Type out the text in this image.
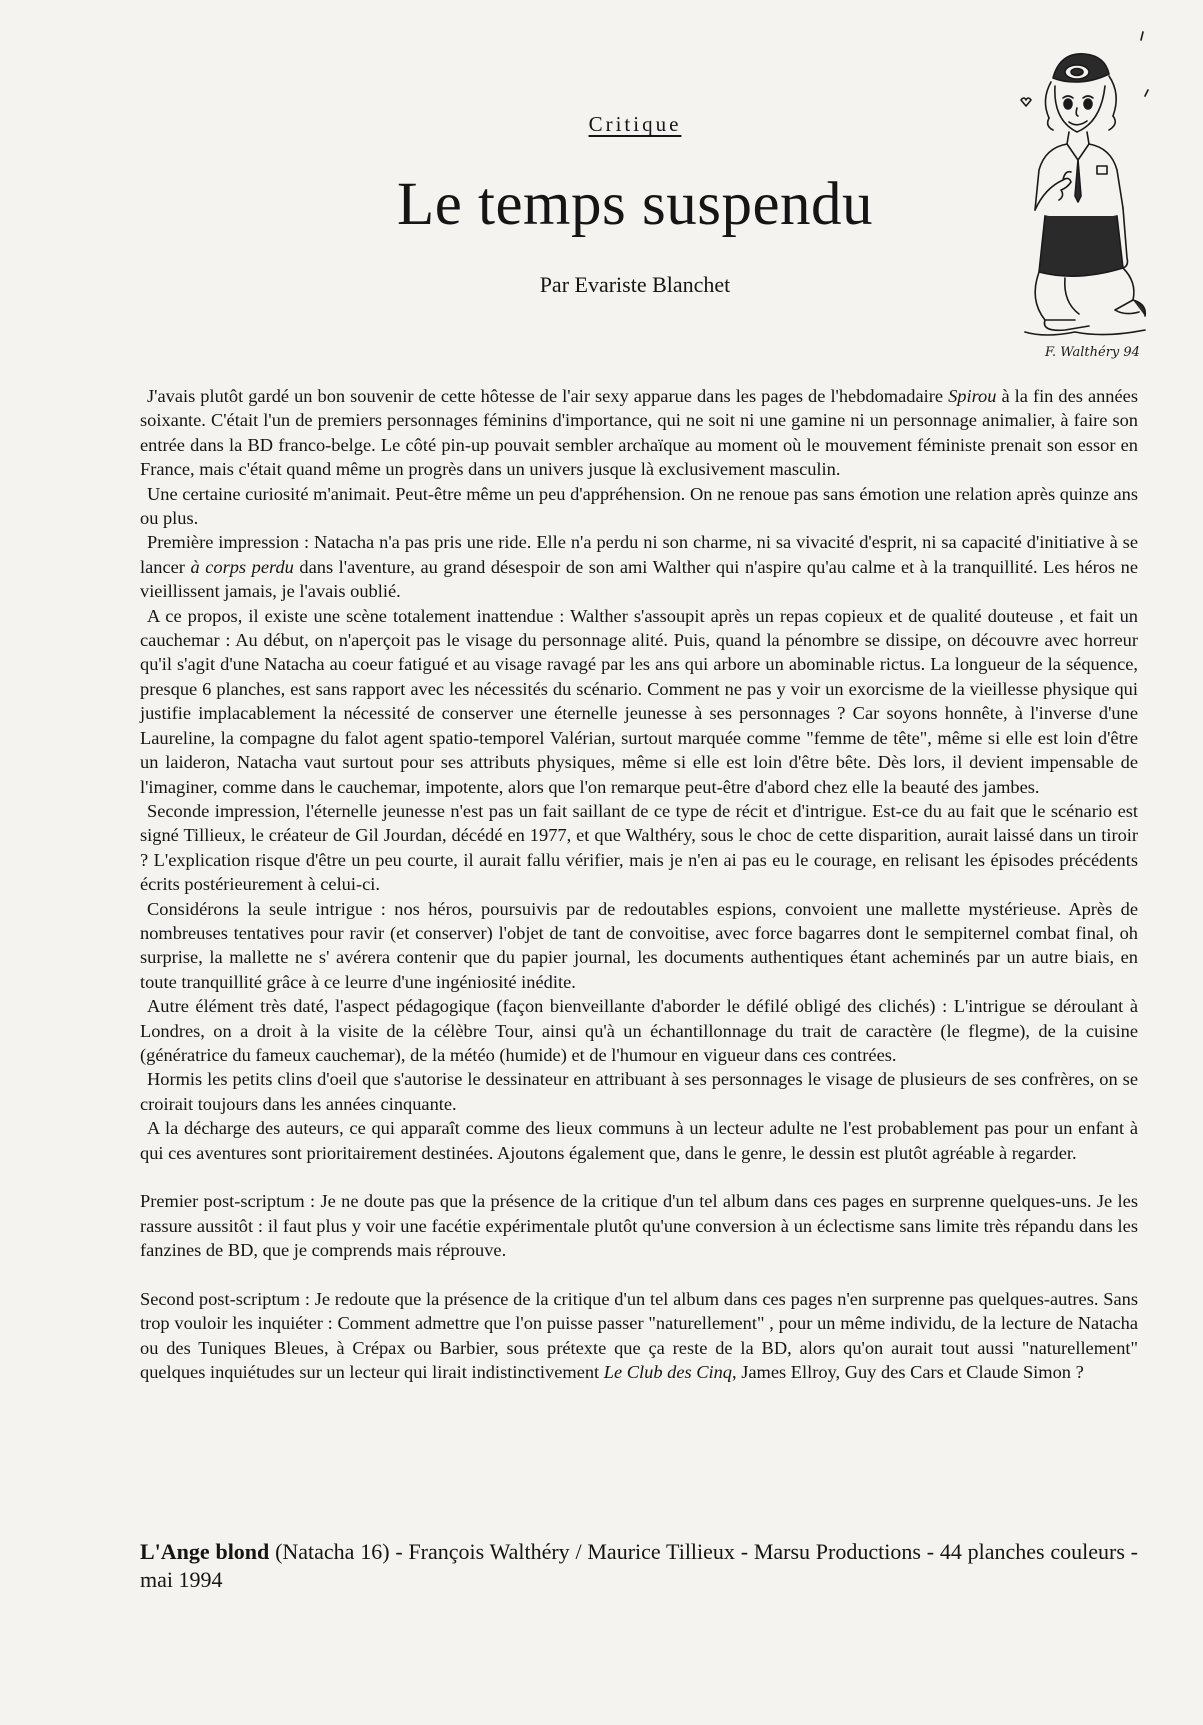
Critique
Le temps suspendu
Par Evariste Blanchet
F. Walthéry 94

J'avais plutôt gardé un bon souvenir de cette hôtesse de l'air sexy apparue dans les pages de l'hebdomadaire Spirou à la fin des années soixante. C'était l'un de premiers personnages féminins d'importance, qui ne soit ni une gamine ni un personnage animalier, à faire son entrée dans la BD franco-belge. Le côté pin-up pouvait sembler archaïque au moment où le mouvement féministe prenait son essor en France, mais c'était quand même un progrès dans un univers jusque là exclusivement masculin.

Une certaine curiosité m'animait. Peut-être même un peu d'appréhension. On ne renoue pas sans émotion une relation après quinze ans ou plus.

Première impression : Natacha n'a pas pris une ride. Elle n'a perdu ni son charme, ni sa vivacité d'esprit, ni sa capacité d'initiative à se lancer à corps perdu dans l'aventure, au grand désespoir de son ami Walther qui n'aspire qu'au calme et à la tranquillité. Les héros ne vieillissent jamais, je l'avais oublié.

A ce propos, il existe une scène totalement inattendue : Walther s'assoupit après un repas copieux et de qualité douteuse , et fait un cauchemar : Au début, on n'aperçoit pas le visage du personnage alité. Puis, quand la pénombre se dissipe, on découvre avec horreur qu'il s'agit d'une Natacha au coeur fatigué et au visage ravagé par les ans qui arbore un abominable rictus. La longueur de la séquence, presque 6 planches, est sans rapport avec les nécessités du scénario. Comment ne pas y voir un exorcisme de la vieillesse physique qui justifie implacablement la nécessité de conserver une éternelle jeunesse à ses personnages ? Car soyons honnête, à l'inverse d'une Laureline, la compagne du falot agent spatio-temporel Valérian, surtout marquée comme "femme de tête", même si elle est loin d'être un laideron, Natacha vaut surtout pour ses attributs physiques, même si elle est loin d'être bête. Dès lors, il devient impensable de l'imaginer, comme dans le cauchemar, impotente, alors que l'on remarque peut-être d'abord chez elle la beauté des jambes.

Seconde impression, l'éternelle jeunesse n'est pas un fait saillant de ce type de récit et d'intrigue. Est-ce du au fait que le scénario est signé Tillieux, le créateur de Gil Jourdan, décédé en 1977, et que Walthéry, sous le choc de cette disparition, aurait laissé dans un tiroir ? L'explication risque d'être un peu courte, il aurait fallu vérifier, mais je n'en ai pas eu le courage, en relisant les épisodes précédents écrits postérieurement à celui-ci.

Considérons la seule intrigue : nos héros, poursuivis par de redoutables espions, convoient une mallette mystérieuse. Après de nombreuses tentatives pour ravir (et conserver) l'objet de tant de convoitise, avec force bagarres dont le sempiternel combat final, oh surprise, la mallette ne s' avérera contenir que du papier journal, les documents authentiques étant acheminés par un autre biais, en toute tranquillité grâce à ce leurre d'une ingéniosité inédite.

Autre élément très daté, l'aspect pédagogique (façon bienveillante d'aborder le défilé obligé des clichés) : L'intrigue se déroulant à Londres, on a droit à la visite de la célèbre Tour, ainsi qu'à un échantillonnage du trait de caractère (le flegme), de la cuisine (génératrice du fameux cauchemar), de la météo (humide) et de l'humour en vigueur dans ces contrées.

Hormis les petits clins d'oeil que s'autorise le dessinateur en attribuant à ses personnages le visage de plusieurs de ses confrères, on se croirait toujours dans les années cinquante.

A la décharge des auteurs, ce qui apparaît comme des lieux communs à un lecteur adulte ne l'est probablement pas pour un enfant à qui ces aventures sont prioritairement destinées. Ajoutons également que, dans le genre, le dessin est plutôt agréable à regarder.

Premier post-scriptum : Je ne doute pas que la présence de la critique d'un tel album dans ces pages en surprenne quelques-uns. Je les rassure aussitôt : il faut plus y voir une facétie expérimentale plutôt qu'une conversion à un éclectisme sans limite très répandu dans les fanzines de BD, que je comprends mais réprouve.

Second post-scriptum : Je redoute que la présence de la critique d'un tel album dans ces pages n'en surprenne pas quelques-autres. Sans trop vouloir les inquiéter : Comment admettre que l'on puisse passer "naturellement" , pour un même individu, de la lecture de Natacha ou des Tuniques Bleues, à Crépax ou Barbier, sous prétexte que ça reste de la BD, alors qu'on aurait tout aussi "naturellement" quelques inquiétudes sur un lecteur qui lirait indistinctivement Le Club des Cinq, James Ellroy, Guy des Cars et Claude Simon ?

L'Ange blond (Natacha 16) - François Walthéry / Maurice Tillieux - Marsu Productions - 44 planches couleurs - mai 1994
